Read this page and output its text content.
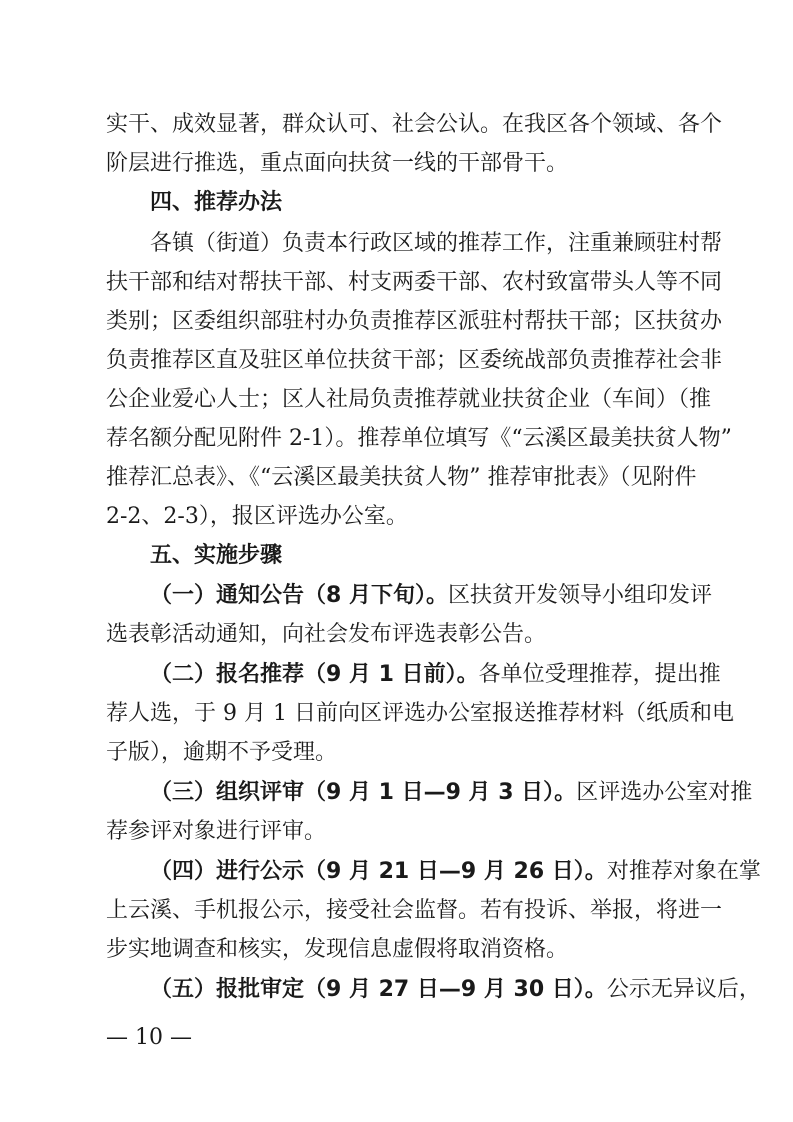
实干、成效显著，群众认可、社会公认。在我区各个领域、各个
阶层进行推选，重点面向扶贫一线的干部骨干。
四、推荐办法
各镇（街道）负责本行政区域的推荐工作，注重兼顾驻村帮
扶干部和结对帮扶干部、村支两委干部、农村致富带头人等不同
类别；区委组织部驻村办负责推荐区派驻村帮扶干部；区扶贫办
负责推荐区直及驻区单位扶贫干部；区委统战部负责推荐社会非
公企业爱心人士；区人社局负责推荐就业扶贫企业（车间）（推
荐名额分配见附件 2-1）。推荐单位填写《“云溪区最美扶贫人物”
推荐汇总表》、《“云溪区最美扶贫人物” 推荐审批表》（见附件
2-2、2-3），报区评选办公室。
五、实施步骤
（一）通知公告（8 月下旬）。区扶贫开发领导小组印发评
选表彰活动通知，向社会发布评选表彰公告。
（二）报名推荐（9 月 1 日前）。各单位受理推荐，提出推
荐人选，于 9 月 1 日前向区评选办公室报送推荐材料（纸质和电
子版），逾期不予受理。
（三）组织评审（9 月 1 日—9 月 3 日）。区评选办公室对推
荐参评对象进行评审。
（四）进行公示（9 月 21 日—9 月 26 日）。对推荐对象在掌
上云溪、手机报公示，接受社会监督。若有投诉、举报，将进一
步实地调查和核实，发现信息虚假将取消资格。
（五）报批审定（9 月 27 日—9 月 30 日）。公示无异议后，
— 10 —
